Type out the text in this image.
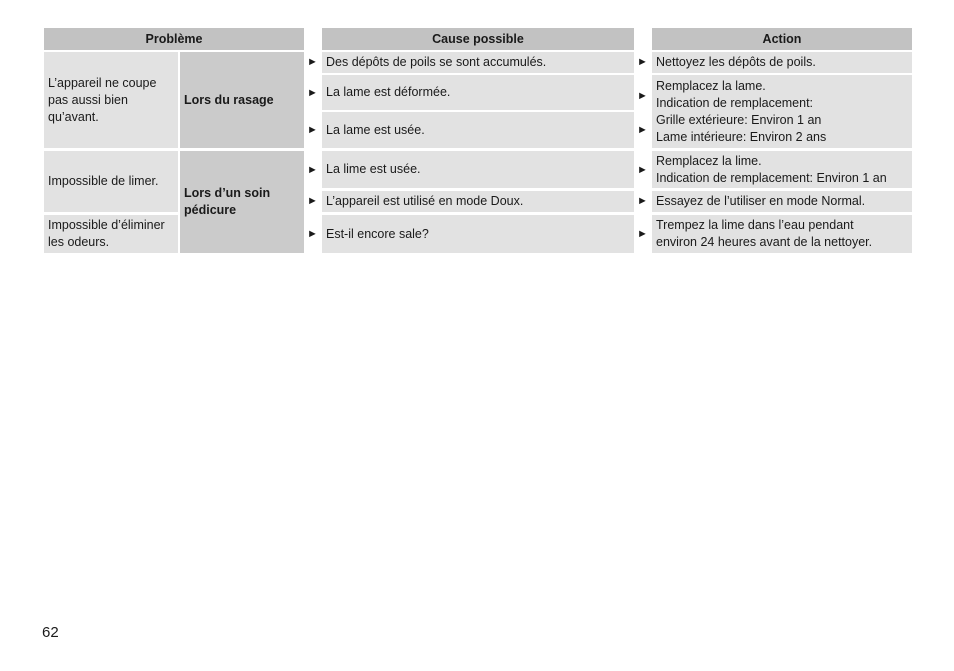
Problème	Cause possible	Action
L’appareil ne coupe pas aussi bien qu’avant.
Impossible de limer.
Impossible d’éliminer les odeurs.
Lors du rasage
Lors d’un soin pédicure
►
►
►
►
►
►
Des dépôts de poils se sont accumulés.
La lame est déformée.
La lame est usée.
La lime est usée.
L’appareil est utilisé en mode Doux.
Est-il encore sale?
►
►
►
►
►
►
Nettoyez les dépôts de poils.
Remplacez la lame.
Indication de remplacement:
Grille extérieure: Environ 1 an
Lame intérieure: Environ 2 ans
Remplacez la lime.
Indication de remplacement: Environ 1 an
Essayez de l’utiliser en mode Normal.
Trempez la lime dans l’eau pendant
environ 24 heures avant de la nettoyer.
62
